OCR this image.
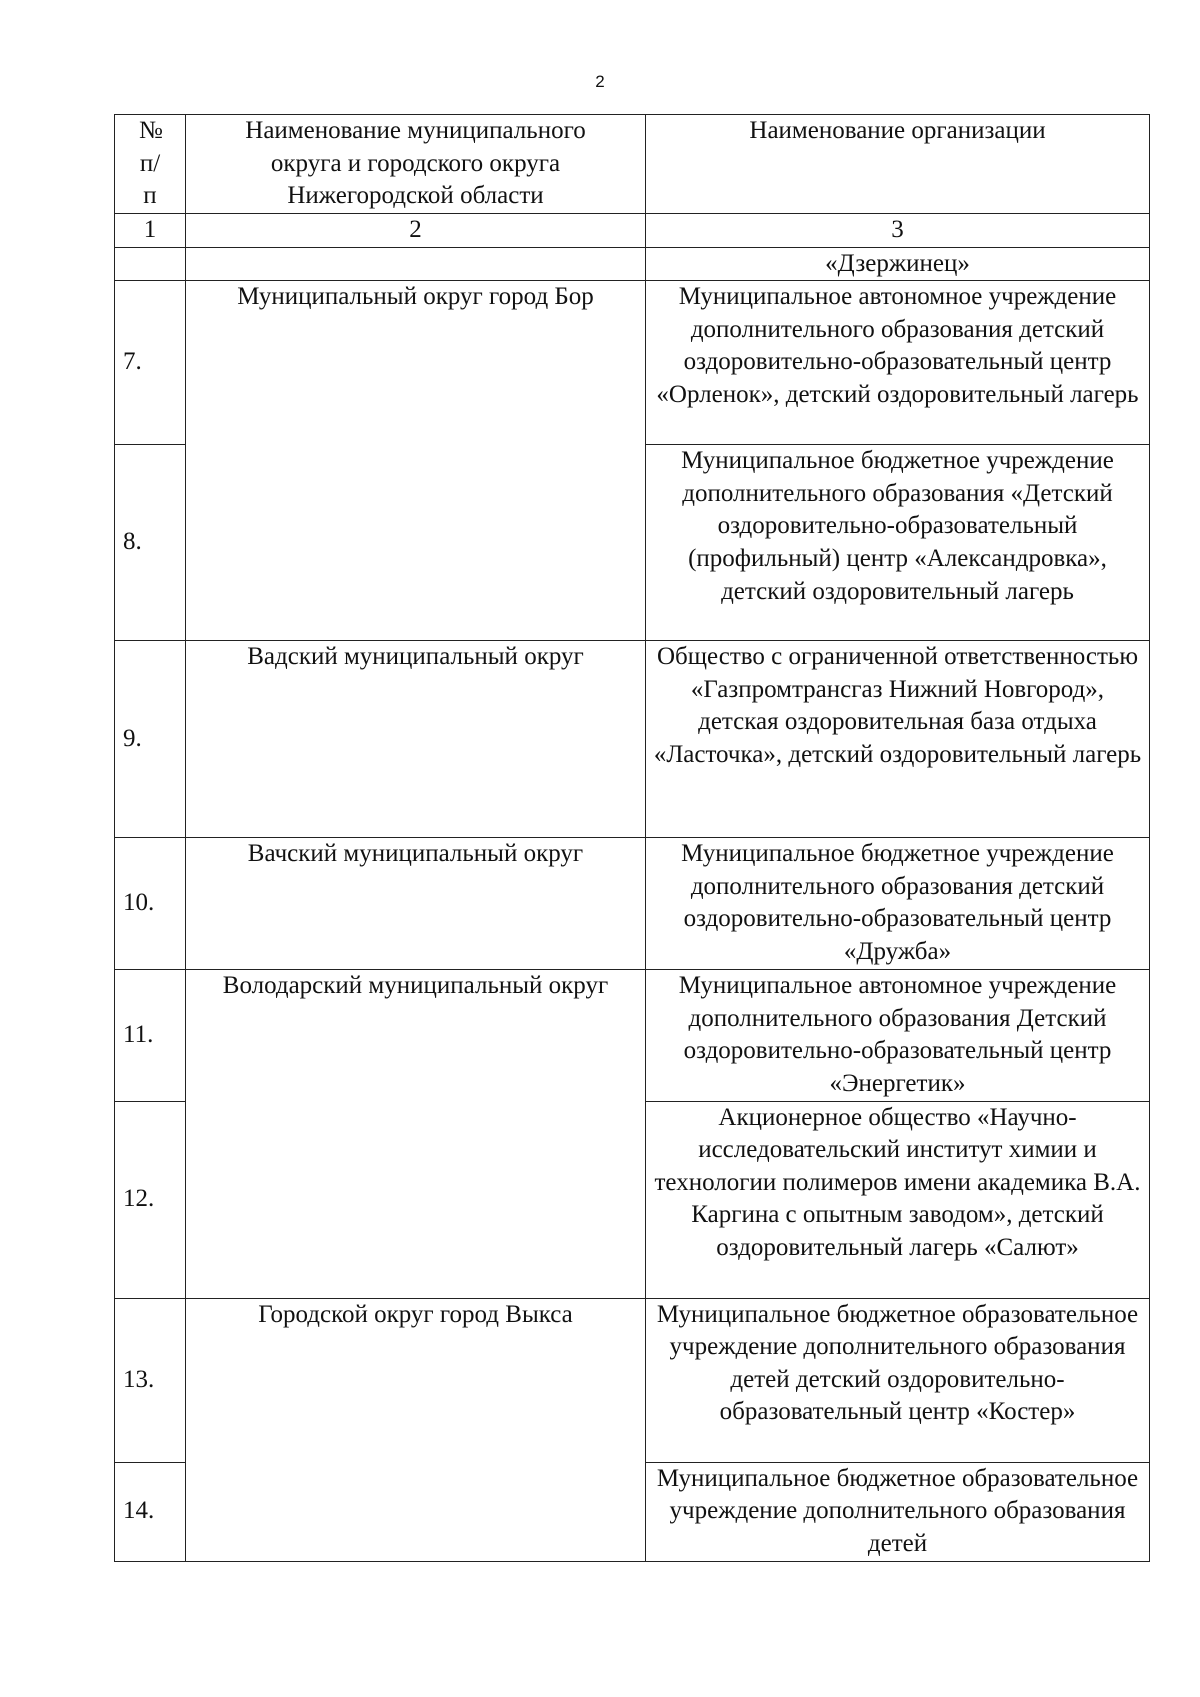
2
№ п/п	Наименование муниципального округа и городского округа Нижегородской области	Наименование организации
1	2	3
		«Дзержинец»
7.	Муниципальный округ город Бор	Муниципальное автономное учреждение дополнительного образования детский оздоровительно-образовательный центр «Орленок», детский оздоровительный лагерь
8.		Муниципальное бюджетное учреждение дополнительного образования «Детский оздоровительно-образовательный (профильный) центр «Александровка», детский оздоровительный лагерь
9.	Вадский муниципальный округ	Общество с ограниченной ответственностью «Газпромтрансгаз Нижний Новгород», детская оздоровительная база отдыха «Ласточка», детский оздоровительный лагерь
10.	Вачский муниципальный округ	Муниципальное бюджетное учреждение дополнительного образования детский оздоровительно-образовательный центр «Дружба»
11.	Володарский муниципальный округ	Муниципальное автономное учреждение дополнительного образования Детский оздоровительно-образовательный центр «Энергетик»
12.		Акционерное общество «Научно-исследовательский институт химии и технологии полимеров имени академика В.А. Каргина с опытным заводом», детский оздоровительный лагерь «Салют»
13.	Городской округ город Выкса	Муниципальное бюджетное образовательное учреждение дополнительного образования детей детский оздоровительно-образовательный центр «Костер»
14.		Муниципальное бюджетное образовательное учреждение дополнительного образования детей
